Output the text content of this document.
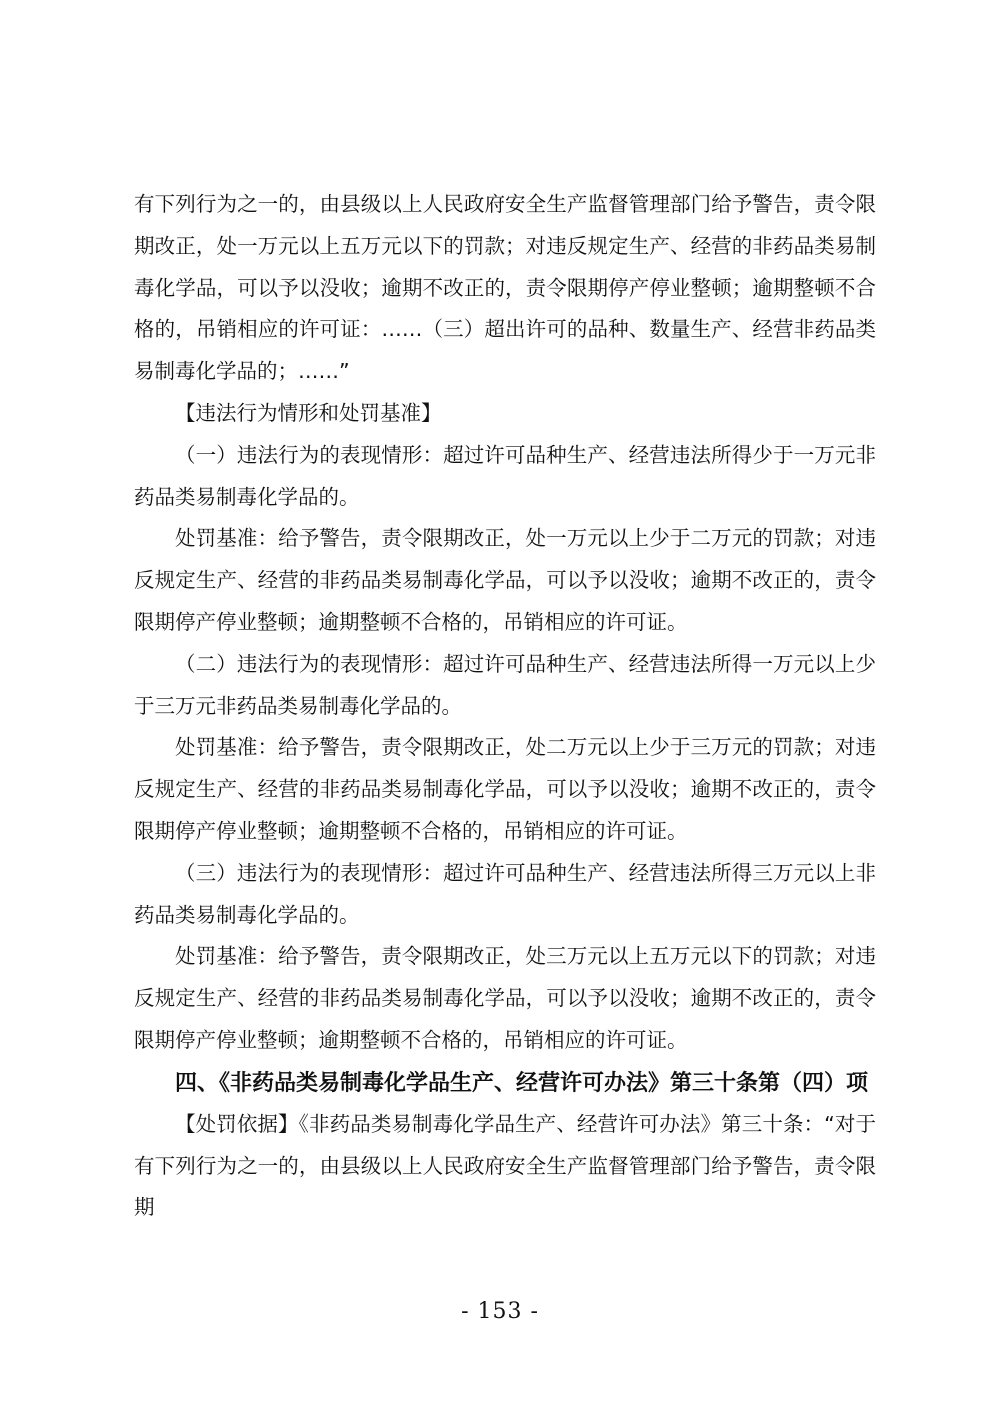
有下列行为之一的，由县级以上人民政府安全生产监督管理部门给予警告，责令限期改正，处一万元以上五万元以下的罚款；对违反规定生产、经营的非药品类易制毒化学品，可以予以没收；逾期不改正的，责令限期停产停业整顿；逾期整顿不合格的，吊销相应的许可证：……（三）超出许可的品种、数量生产、经营非药品类易制毒化学品的；……”

【违法行为情形和处罚基准】

（一）违法行为的表现情形：超过许可品种生产、经营违法所得少于一万元非药品类易制毒化学品的。

处罚基准：给予警告，责令限期改正，处一万元以上少于二万元的罚款；对违反规定生产、经营的非药品类易制毒化学品，可以予以没收；逾期不改正的，责令限期停产停业整顿；逾期整顿不合格的，吊销相应的许可证。

（二）违法行为的表现情形：超过许可品种生产、经营违法所得一万元以上少于三万元非药品类易制毒化学品的。

处罚基准：给予警告，责令限期改正，处二万元以上少于三万元的罚款；对违反规定生产、经营的非药品类易制毒化学品，可以予以没收；逾期不改正的，责令限期停产停业整顿；逾期整顿不合格的，吊销相应的许可证。

（三）违法行为的表现情形：超过许可品种生产、经营违法所得三万元以上非药品类易制毒化学品的。

处罚基准：给予警告，责令限期改正，处三万元以上五万元以下的罚款；对违反规定生产、经营的非药品类易制毒化学品，可以予以没收；逾期不改正的，责令限期停产停业整顿；逾期整顿不合格的，吊销相应的许可证。

四、《非药品类易制毒化学品生产、经营许可办法》第三十条第（四）项

【处罚依据】《非药品类易制毒化学品生产、经营许可办法》第三十条：“对于有下列行为之一的，由县级以上人民政府安全生产监督管理部门给予警告，责令限期

- 153 -
